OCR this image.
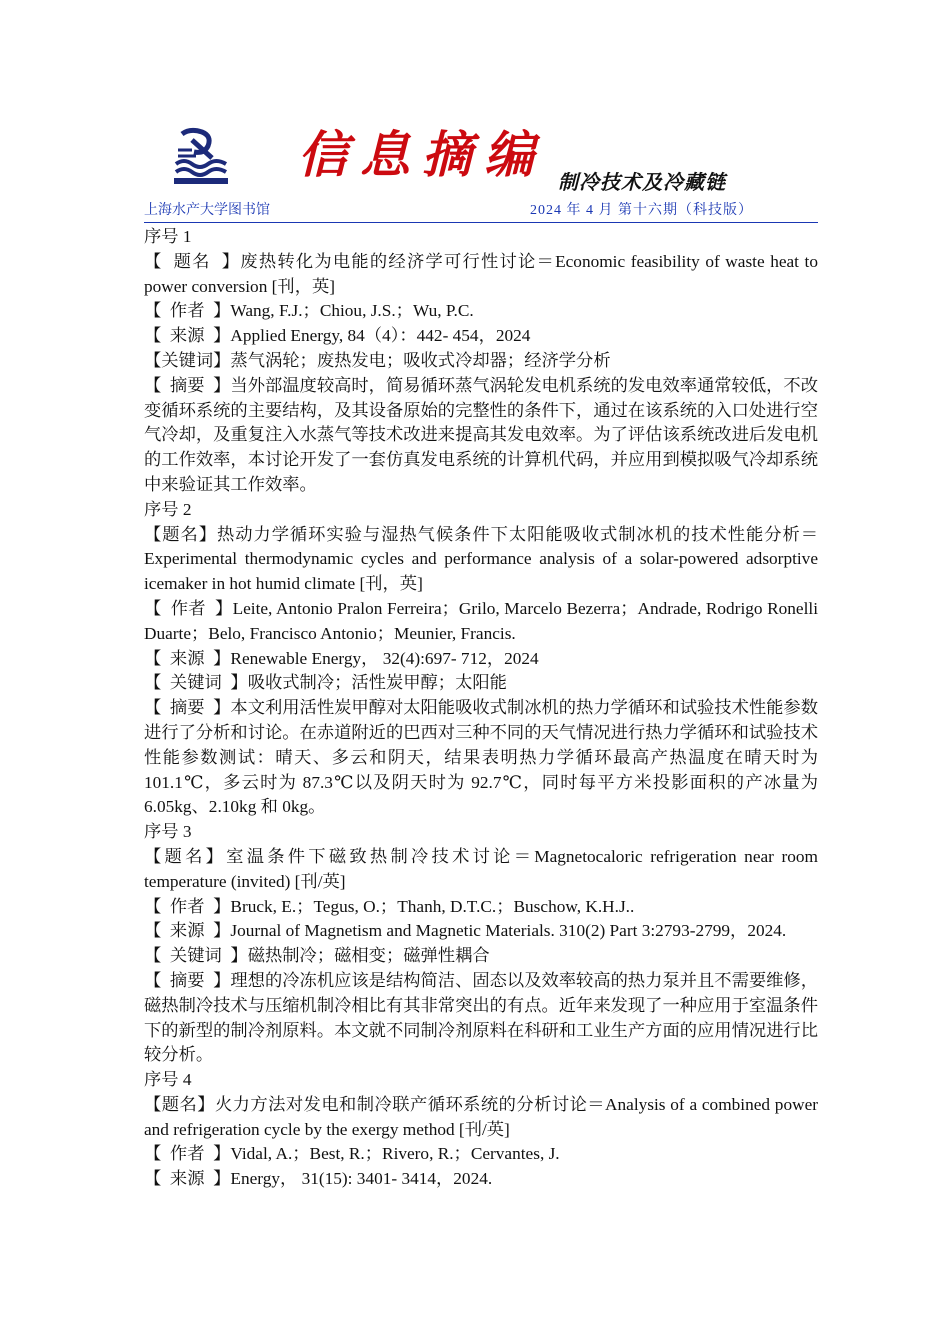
信息摘编 制冷技术及冷藏链
上海水产大学图书馆	2024 年 4 月 第十六期（科技版）
序号 1
【  题名  】废热转化为电能的经济学可行性讨论＝Economic feasibility of waste heat to power conversion [刊，英]
【  作者  】Wang, F.J.；Chiou, J.S.；Wu, P.C.
【  来源  】Applied Energy, 84（4）：442- 454，2024
【关键词】蒸气涡轮；废热发电；吸收式冷却器；经济学分析
【  摘要  】当外部温度较高时，简易循环蒸气涡轮发电机系统的发电效率通常较低，不改变循环系统的主要结构，及其设备原始的完整性的条件下，通过在该系统的入口处进行空气冷却，及重复注入水蒸气等技术改进来提高其发电效率。为了评估该系统改进后发电机的工作效率，本讨论开发了一套仿真发电系统的计算机代码，并应用到模拟吸气冷却系统中来验证其工作效率。
序号 2
【题名】热动力学循环实验与湿热气候条件下太阳能吸收式制冰机的技术性能分析＝Experimental thermodynamic cycles and performance analysis of a solar-powered adsorptive icemaker in hot humid climate [刊，英]
【  作者  】Leite, Antonio Pralon Ferreira；Grilo, Marcelo Bezerra；Andrade, Rodrigo Ronelli Duarte；Belo, Francisco Antonio；Meunier, Francis.
【  来源  】Renewable Energy， 32(4):697- 712，2024
【  关键词  】吸收式制冷；活性炭甲醇；太阳能
【  摘要  】本文利用活性炭甲醇对太阳能吸收式制冰机的热力学循环和试验技术性能参数进行了分析和讨论。在赤道附近的巴西对三种不同的天气情况进行热力学循环和试验技术性能参数测试：晴天、多云和阴天，结果表明热力学循环最高产热温度在晴天时为 101.1℃，多云时为 87.3℃以及阴天时为 92.7℃，同时每平方米投影面积的产冰量为 6.05kg、2.10kg 和 0kg。
序号 3
【题名】室温条件下磁致热制冷技术讨论＝Magnetocaloric refrigeration near room temperature (invited) [刊/英]
【  作者  】Bruck, E.；Tegus, O.；Thanh, D.T.C.；Buschow, K.H.J..
【  来源  】Journal of Magnetism and Magnetic Materials. 310(2) Part 3:2793-2799，2024.
【  关键词  】磁热制冷；磁相变；磁弹性耦合
【  摘要  】理想的冷冻机应该是结构简洁、固态以及效率较高的热力泵并且不需要维修，磁热制冷技术与压缩机制冷相比有其非常突出的有点。近年来发现了一种应用于室温条件下的新型的制冷剂原料。本文就不同制冷剂原料在科研和工业生产方面的应用情况进行比较分析。
序号 4
【题名】火力方法对发电和制冷联产循环系统的分析讨论＝Analysis of a combined power and refrigeration cycle by the exergy method [刊/英]
【  作者  】Vidal, A.；Best, R.；Rivero, R.；Cervantes, J.
【  来源  】Energy， 31(15): 3401- 3414，2024.
